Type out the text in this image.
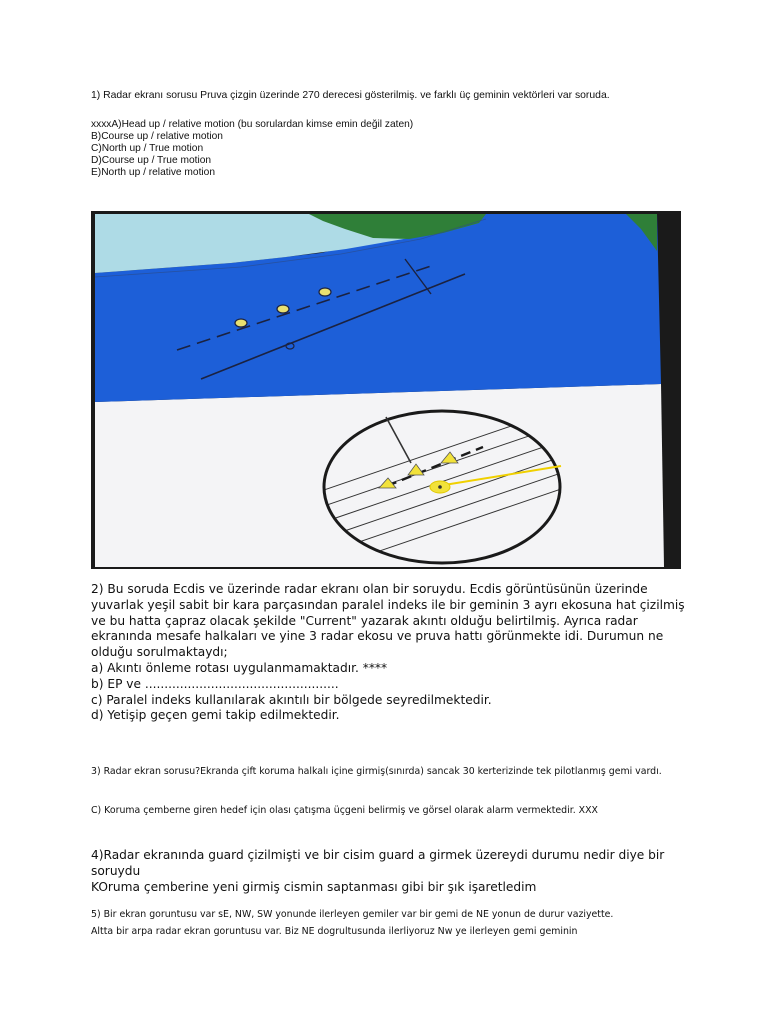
1) Radar ekranı sorusu Pruva çizgin üzerinde 270 derecesi gösterilmiş. ve farklı üç geminin vektörleri var soruda.
xxxxA)Head up / relative motion (bu sorulardan kimse emin değil zaten)
B)Course up / relative motion
C)North up / True motion
D)Course up / True motion
E)North up / relative motion
2) Bu soruda Ecdis ve üzerinde radar ekranı olan bir soruydu. Ecdis görüntüsünün üzerinde
yuvarlak yeşil sabit bir kara parçasından paralel indeks ile bir geminin 3 ayrı ekosuna hat çizilmiş
ve bu hatta çapraz olacak şekilde "Current" yazarak akıntı olduğu belirtilmiş. Ayrıca radar
ekranında mesafe halkaları ve yine 3 radar ekosu ve pruva hattı görünmekte idi. Durumun ne
olduğu sorulmaktaydı;
a) Akıntı önleme rotası uygulanmamaktadır. ****
b) EP ve ..................................................
c) Paralel indeks kullanılarak akıntılı bir bölgede seyredilmektedir.
d) Yetişip geçen gemi takip edilmektedir.
3) Radar ekran sorusu?Ekranda çift koruma halkalı içine girmiş(sınırda) sancak 30 kerterizinde tek pilotlanmış gemi vardı.
C) Koruma çemberne giren hedef için olası çatışma üçgeni belirmiş ve görsel olarak alarm vermektedir. XXX
4)Radar ekranında guard çizilmişti ve bir cisim guard a girmek üzereydi durumu nedir diye bir
soruydu
KOruma çemberine yeni girmiş cismin saptanması gibi bir şık işaretledim
5) Bir ekran goruntusu var sE, NW, SW yonunde ilerleyen gemiler var bir gemi de NE yonun de durur vaziyette.
Altta bir arpa radar ekran goruntusu var. Biz NE dogrultusunda ilerliyoruz Nw ye ilerleyen gemi geminin
